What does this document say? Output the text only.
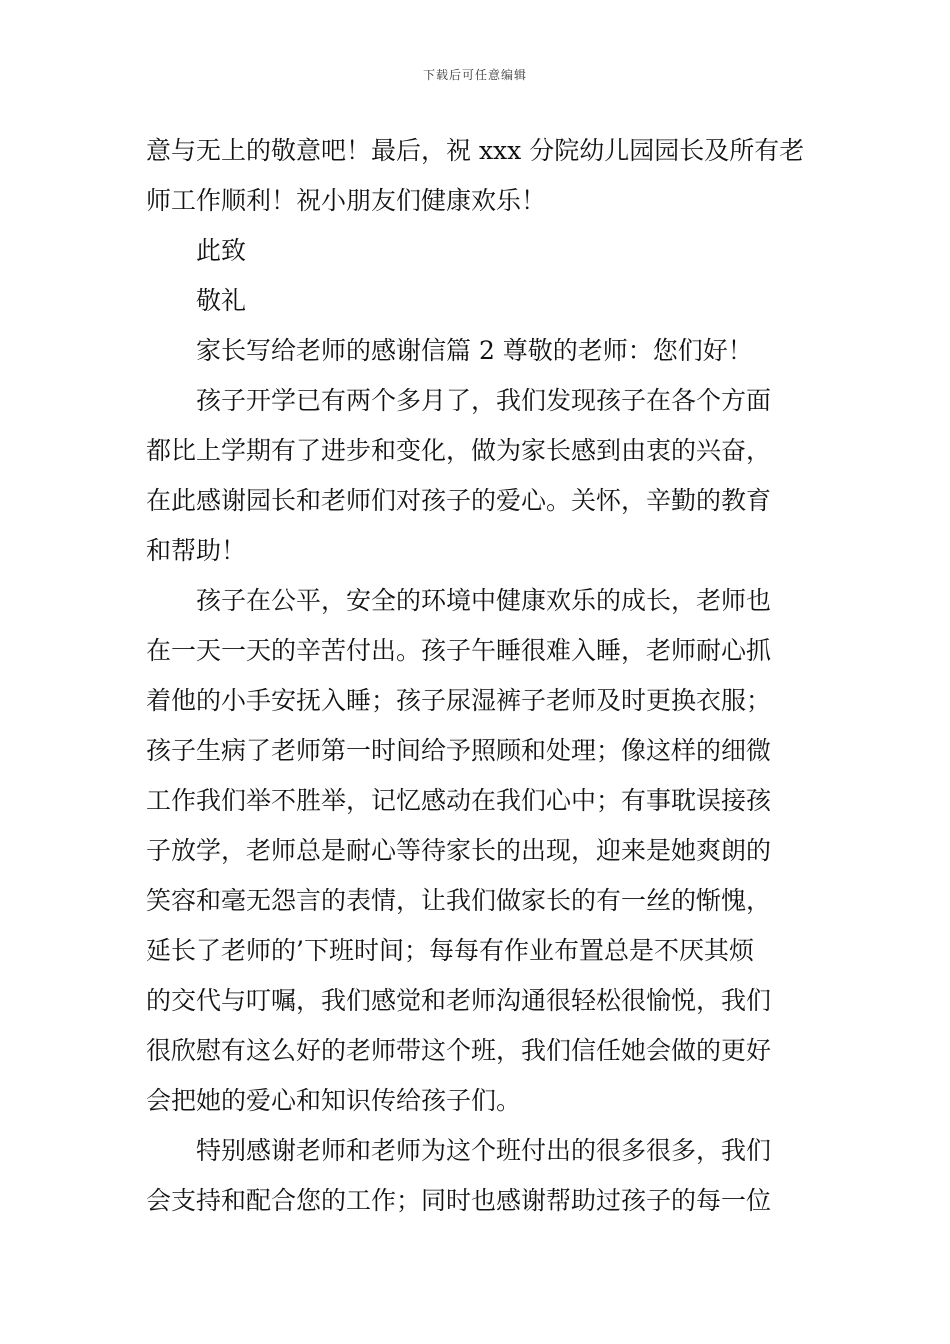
下载后可任意编辑
意与无上的敬意吧！最后，祝 xxx 分院幼儿园园长及所有老
师工作顺利！祝小朋友们健康欢乐！
此致
敬礼
家长写给老师的感谢信篇 2 尊敬的老师：您们好！
孩子开学已有两个多月了，我们发现孩子在各个方面
都比上学期有了进步和变化，做为家长感到由衷的兴奋，
在此感谢园长和老师们对孩子的爱心。关怀，辛勤的教育
和帮助！
孩子在公平，安全的环境中健康欢乐的成长，老师也
在一天一天的辛苦付出。孩子午睡很难入睡，老师耐心抓
着他的小手安抚入睡；孩子尿湿裤子老师及时更换衣服；
孩子生病了老师第一时间给予照顾和处理；像这样的细微
工作我们举不胜举，记忆感动在我们心中；有事耽误接孩
子放学，老师总是耐心等待家长的出现，迎来是她爽朗的
笑容和毫无怨言的表情，让我们做家长的有一丝的惭愧，
延长了老师的’下班时间；每每有作业布置总是不厌其烦
的交代与叮嘱，我们感觉和老师沟通很轻松很愉悦，我们
很欣慰有这么好的老师带这个班，我们信任她会做的更好
会把她的爱心和知识传给孩子们。
特别感谢老师和老师为这个班付出的很多很多，我们
会支持和配合您的工作；同时也感谢帮助过孩子的每一位
